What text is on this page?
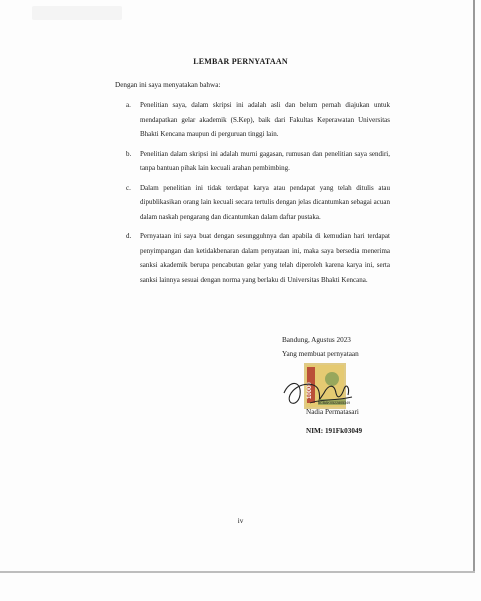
LEMBAR PERNYATAAN
Dengan ini saya menyatakan bahwa:
a.	Penelitian saya, dalam skripsi ini adalah asli dan belum pernah diajukan untuk mendapatkan gelar akademik (S.Kep), baik dari Fakultas Keperawatan Universitas Bhakti Kencana maupun di perguruan tinggi lain.
b.	Penelitian dalam skripsi ini adalah murni gagasan, rumusan dan penelitian saya sendiri, tanpa bantuan pihak lain kecuali arahan pembimbing.
c.	Dalam penelitian ini tidak terdapat karya atau pendapat yang telah ditulis atau dipublikasikan orang lain kecuali secara tertulis dengan jelas dicantumkan sebagai acuan dalam naskah pengarang dan dicantumkan dalam daftar pustaka.
d.	Pernyataan ini saya buat dengan sesungguhnya dan apabila di kemudian hari terdapat penyimpangan dan ketidakbenaran dalam penyataan ini, maka saya bersedia menerima sanksi akademik berupa pencabutan gelar yang telah diperoleh karena karya ini, serta sanksi lainnya sesuai dengan norma yang berlaku di Universitas Bhakti Kencana.
Bandung, Agustus 2023
Yang membuat pernyataan
10000
5CBAKX522805349
Nadia Permatasari
NIM: 191Fk03049
iv
